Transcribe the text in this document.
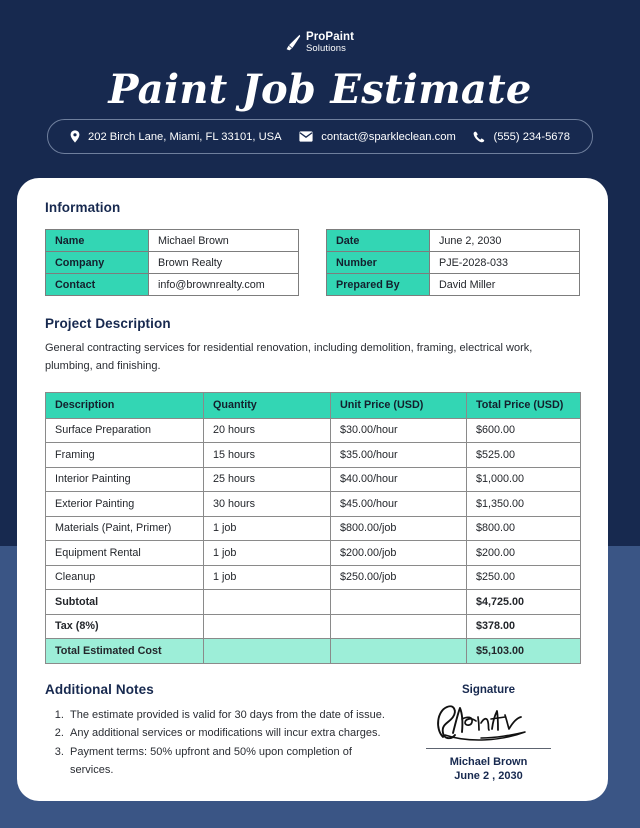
ProPaint
Solutions
Paint Job Estimate
202 Birch Lane, Miami, FL 33101, USA	contact@sparkleclean.com	(555) 234-5678
Information
Name	Michael Brown
Company	Brown Realty
Contact	info@brownrealty.com
Date	June 2, 2030
Number	PJE-2028-033
Prepared By	David Miller
Project Description
General contracting services for residential renovation, including demolition, framing, electrical work, plumbing, and finishing.
Description	Quantity	Unit Price (USD)	Total Price (USD)
Surface Preparation	20 hours	$30.00/hour	$600.00
Framing	15 hours	$35.00/hour	$525.00
Interior Painting	25 hours	$40.00/hour	$1,000.00
Exterior Painting	30 hours	$45.00/hour	$1,350.00
Materials (Paint, Primer)	1 job	$800.00/job	$800.00
Equipment Rental	1 job	$200.00/job	$200.00
Cleanup	1 job	$250.00/job	$250.00
Subtotal			$4,725.00
Tax (8%)			$378.00
Total Estimated Cost			$5,103.00
Additional Notes
1. The estimate provided is valid for 30 days from the date of issue.
2. Any additional services or modifications will incur extra charges.
3. Payment terms: 50% upfront and 50% upon completion of services.
Signature
Michael Brown
June 2 , 2030
